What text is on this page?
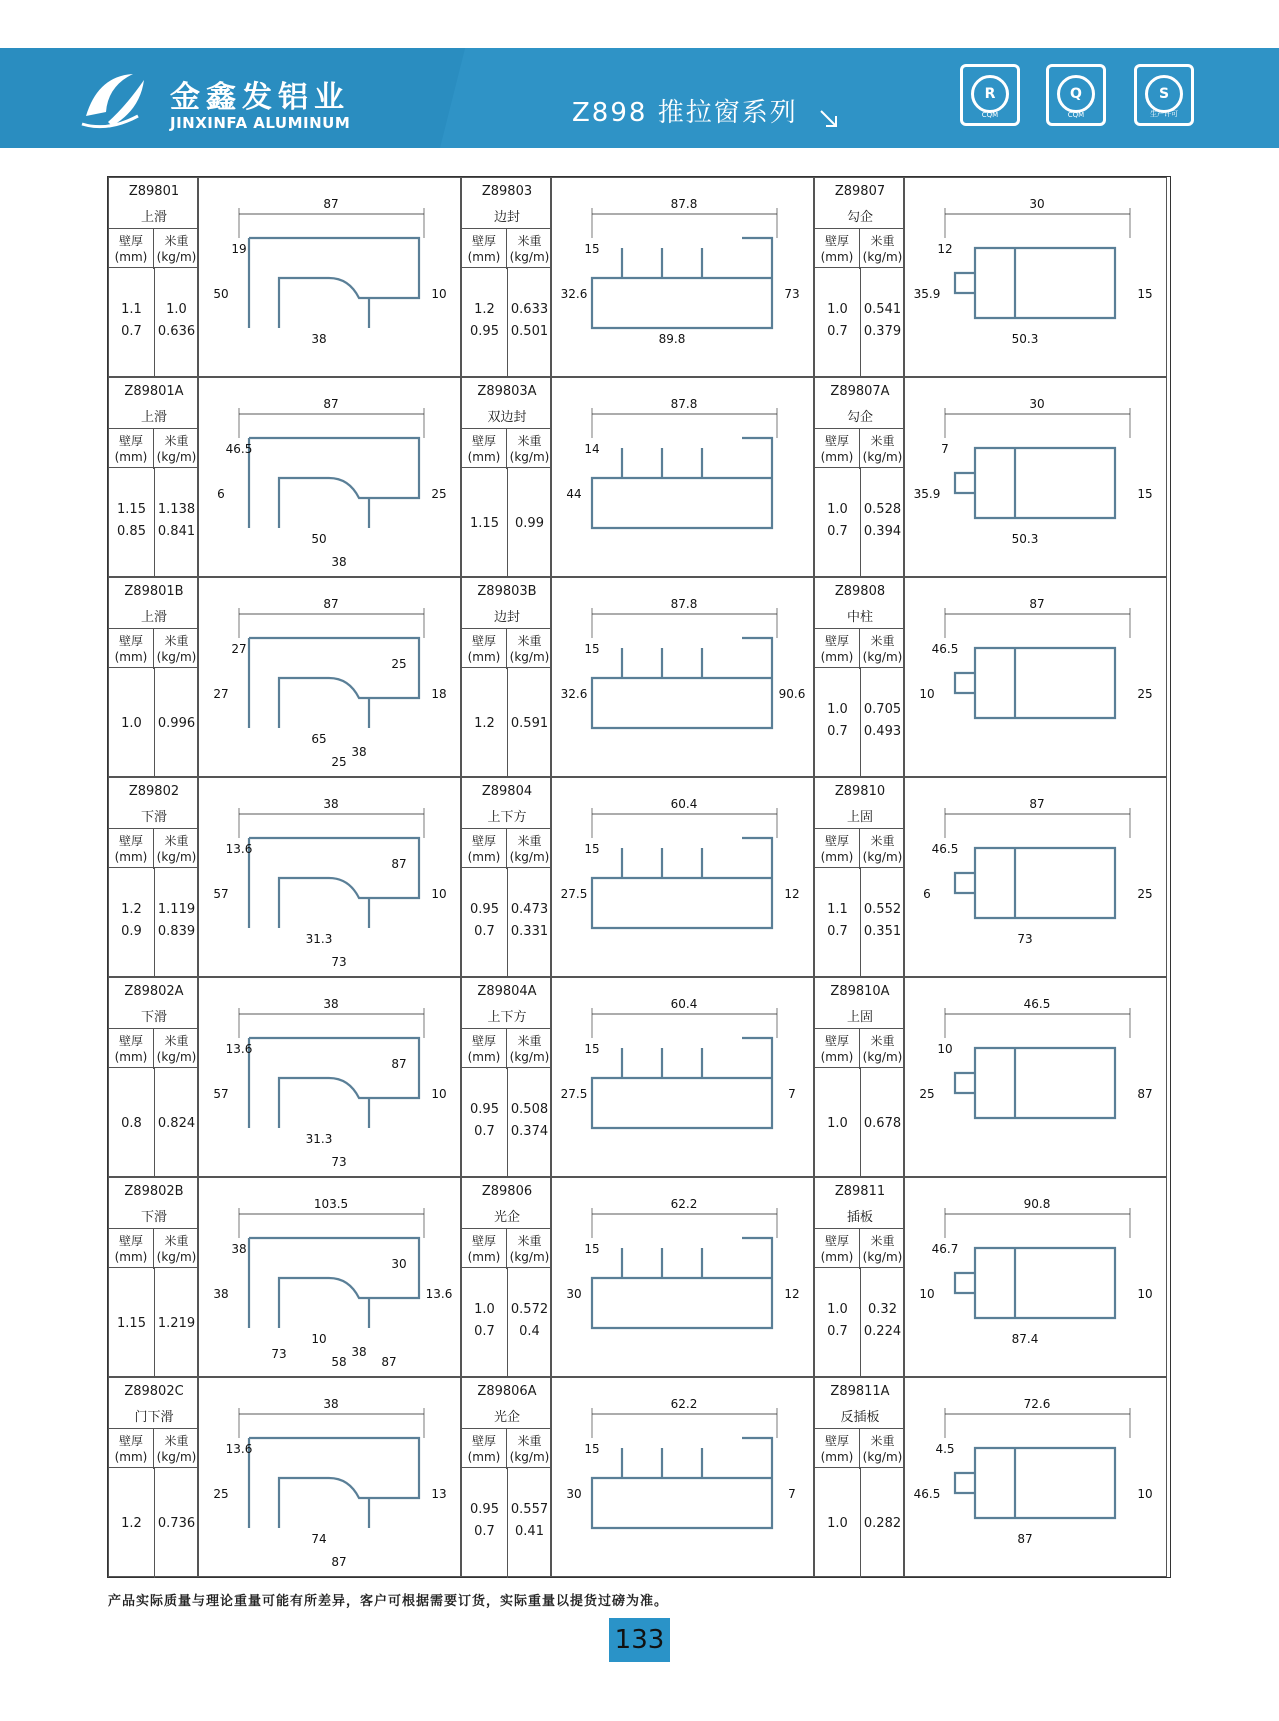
金鑫发铝业
JINXINFA ALUMINUM	Z898 推拉窗系列
R
CQM
Q
CQM
S
生产许可
Z89801
上滑
壁厚
(mm)
米重
(kg/m)
1.1	1.0
0.7	0.636
87
19
50	10
38
Z89801A
上滑
壁厚
(mm)
米重
(kg/m)
1.15 1.138
0.85 0.841
87
46.5
6	25
50
38
Z89801B
上滑
壁厚
(mm)
米重
(kg/m)
1.0	0.996
87
27
27	18
65
25
25
38
Z89802
下滑
壁厚
(mm)
米重
(kg/m)
1.2	1.119
0.9	0.839
38
13.6
57	10
31.3
73
87
Z89802A
下滑
壁厚
(mm)
米重
(kg/m)
0.8	0.824
38
13.6
57	10
31.3
73
87
Z89802B
下滑
壁厚
(mm)
米重
(kg/m)
1.15 1.219
103.5
38
38	13.6
10
58
30
38
73
87
Z89802C
门下滑
壁厚
(mm)
米重
(kg/m)
1.2	0.736
38
13.6
25	13
74
87
Z89803
边封
壁厚
(mm)
米重
(kg/m)
1.2	0.633
0.95 0.501
87.8
15
32.6	73
89.8
Z89803A
双边封
壁厚
(mm)
米重
(kg/m)
1.15	0.99
87.8
14
44
Z89803B
边封
壁厚
(mm)
米重
(kg/m)
1.2	0.591
87.8
15
32.6	90.6
Z89804
上下方
壁厚
(mm)
米重
(kg/m)
0.95 0.473
0.7	0.331
60.4
15
27.5	12
Z89804A
上下方
壁厚
(mm)
米重
(kg/m)
0.95 0.508
0.7	0.374
60.4
15
27.5	7
Z89806
光企
壁厚
(mm)
米重
(kg/m)
1.0	0.572
0.7	0.4
62.2
15
30	12
Z89806A
光企
壁厚
(mm)
米重
(kg/m)
0.95 0.557
0.7	0.41
62.2
15
30	7
Z89807
勾企
壁厚
(mm)
米重
(kg/m)
1.0	0.541
0.7	0.379
30
12
35.9	15
50.3
Z89807A
勾企
壁厚
(mm)
米重
(kg/m)
1.0	0.528
0.7	0.394
30
7
35.9	15
50.3
Z89808
中柱
壁厚
(mm)
米重
(kg/m)
1.0	0.705
0.7	0.493
87
46.5
10	25
Z89810
上固
壁厚
(mm)
米重
(kg/m)
1.1	0.552
0.7	0.351
87
46.5
6	25
73
Z89810A
上固
壁厚
(mm)
米重
(kg/m)
1.0	0.678
46.5
10
25	87
Z89811
插板
壁厚
(mm)
米重
(kg/m)
1.0	0.32
0.7	0.224
90.8
46.7
10	10
87.4
Z89811A
反插板
壁厚
(mm)
米重
(kg/m)
1.0	0.282
72.6
4.5
46.5	10
87
产品实际质量与理论重量可能有所差异，客户可根据需要订货，实际重量以提货过磅为准。
133
